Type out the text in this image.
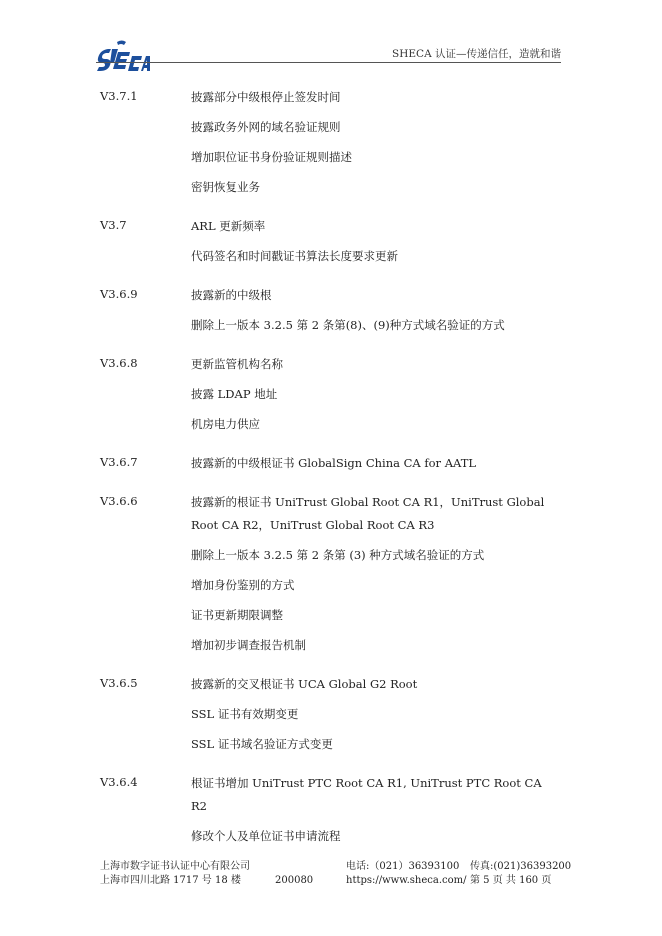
SHECA 认证—传递信任，造就和谐
V3.7.1	披露部分中级根停止签发时间
披露政务外网的域名验证规则
增加职位证书身份验证规则描述
密钥恢复业务
V3.7	ARL 更新频率
代码签名和时间戳证书算法长度要求更新
V3.6.9	披露新的中级根
删除上一版本 3.2.5 第 2 条第(8)、(9)种方式域名验证的方式
V3.6.8	更新监管机构名称
披露 LDAP 地址
机房电力供应
V3.6.7	披露新的中级根证书 GlobalSign China CA for AATL
V3.6.6	披露新的根证书 UniTrust Global Root CA R1，UniTrust Global Root CA R2，UniTrust Global Root CA R3
删除上一版本 3.2.5 第 2 条第 (3) 种方式域名验证的方式
增加身份鉴别的方式
证书更新期限调整
增加初步调查报告机制
V3.6.5	披露新的交叉根证书 UCA Global G2 Root
SSL 证书有效期变更
SSL 证书域名验证方式变更
V3.6.4	根证书增加 UniTrust PTC Root CA R1, UniTrust PTC Root CA R2
修改个人及单位证书申请流程
上海市数字证书认证中心有限公司
上海市四川北路 1717 号 18 楼	200080
电话:（021）36393100
https://www.sheca.com/
传真:(021)36393200
第 5 页 共 160 页
